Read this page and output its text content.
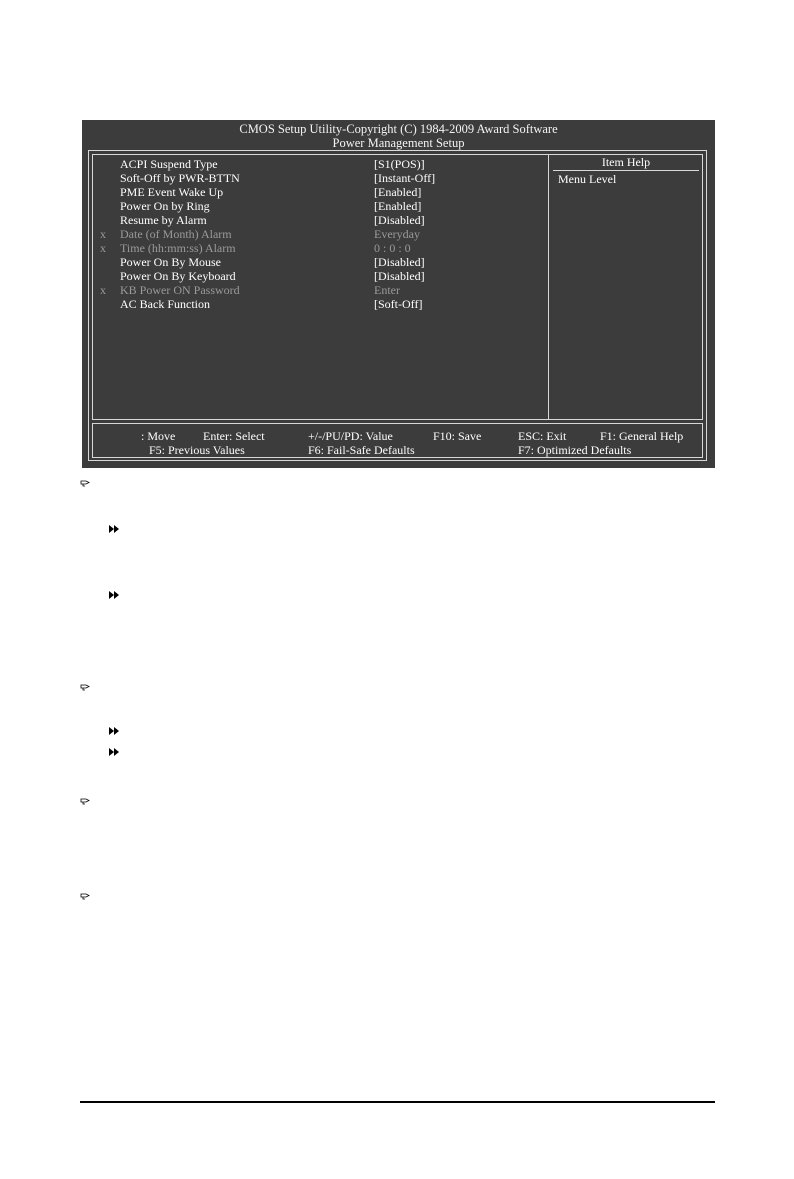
CMOS Setup Utility-Copyright (C) 1984-2009 Award Software
Power Management Setup
ACPI Suspend Type	[S1(POS)]
Soft-Off by PWR-BTTN	[Instant-Off]
PME Event Wake Up	[Enabled]
Power On by Ring	[Enabled]
Resume by Alarm	[Disabled]
x Date (of Month) Alarm	Everyday
x Time (hh:mm:ss) Alarm	0 : 0 : 0
Power On By Mouse	[Disabled]
Power On By Keyboard	[Disabled]
x KB Power ON Password	Enter
AC Back Function	[Soft-Off]
Item Help
Menu Level
: Move Enter: Select	+/-/PU/PD: Value	F10: Save	ESC: Exit	F1: General Help
F5: Previous Values	F6: Fail-Safe Defaults	F7: Optimized Defaults
